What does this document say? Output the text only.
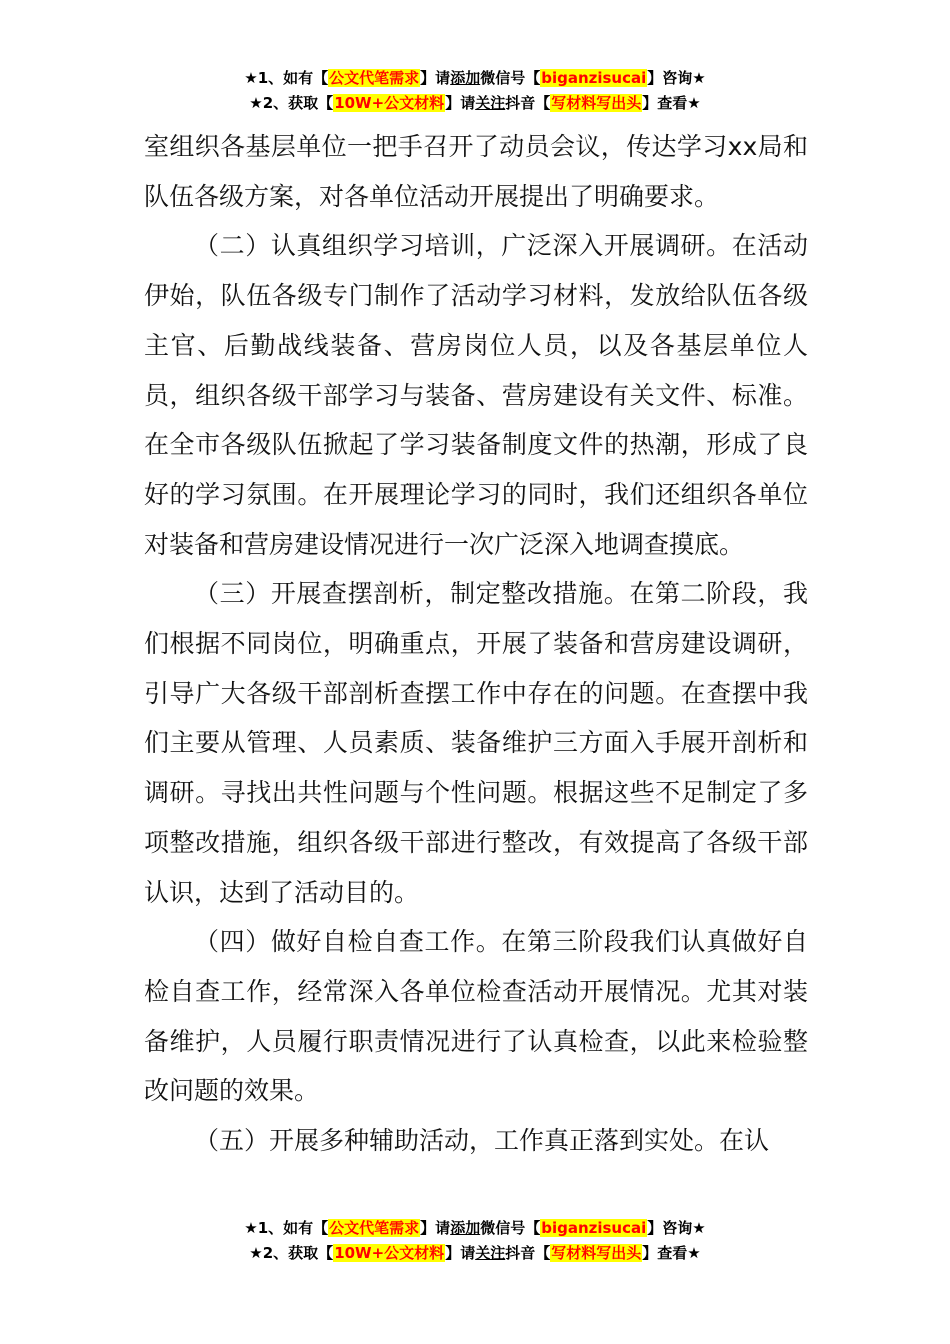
★1、如有【公文代笔需求】请添加微信号【biganzisucai】咨询★
★2、获取【10W+公文材料】请关注抖音【写材料写出头】查看★

室组织各基层单位一把手召开了动员会议，传达学习xx局和队伍各级方案，对各单位活动开展提出了明确要求。

（二）认真组织学习培训，广泛深入开展调研。在活动伊始，队伍各级专门制作了活动学习材料，发放给队伍各级主官、后勤战线装备、营房岗位人员，以及各基层单位人员，组织各级干部学习与装备、营房建设有关文件、标准。在全市各级队伍掀起了学习装备制度文件的热潮，形成了良好的学习氛围。在开展理论学习的同时，我们还组织各单位对装备和营房建设情况进行一次广泛深入地调查摸底。

（三）开展查摆剖析，制定整改措施。在第二阶段，我们根据不同岗位，明确重点，开展了装备和营房建设调研，引导广大各级干部剖析查摆工作中存在的问题。在查摆中我们主要从管理、人员素质、装备维护三方面入手展开剖析和调研。寻找出共性问题与个性问题。根据这些不足制定了多项整改措施，组织各级干部进行整改，有效提高了各级干部认识，达到了活动目的。

（四）做好自检自查工作。在第三阶段我们认真做好自检自查工作，经常深入各单位检查活动开展情况。尤其对装备维护，人员履行职责情况进行了认真检查，以此来检验整改问题的效果。

（五）开展多种辅助活动，工作真正落到实处。在认

★1、如有【公文代笔需求】请添加微信号【biganzisucai】咨询★
★2、获取【10W+公文材料】请关注抖音【写材料写出头】查看★
